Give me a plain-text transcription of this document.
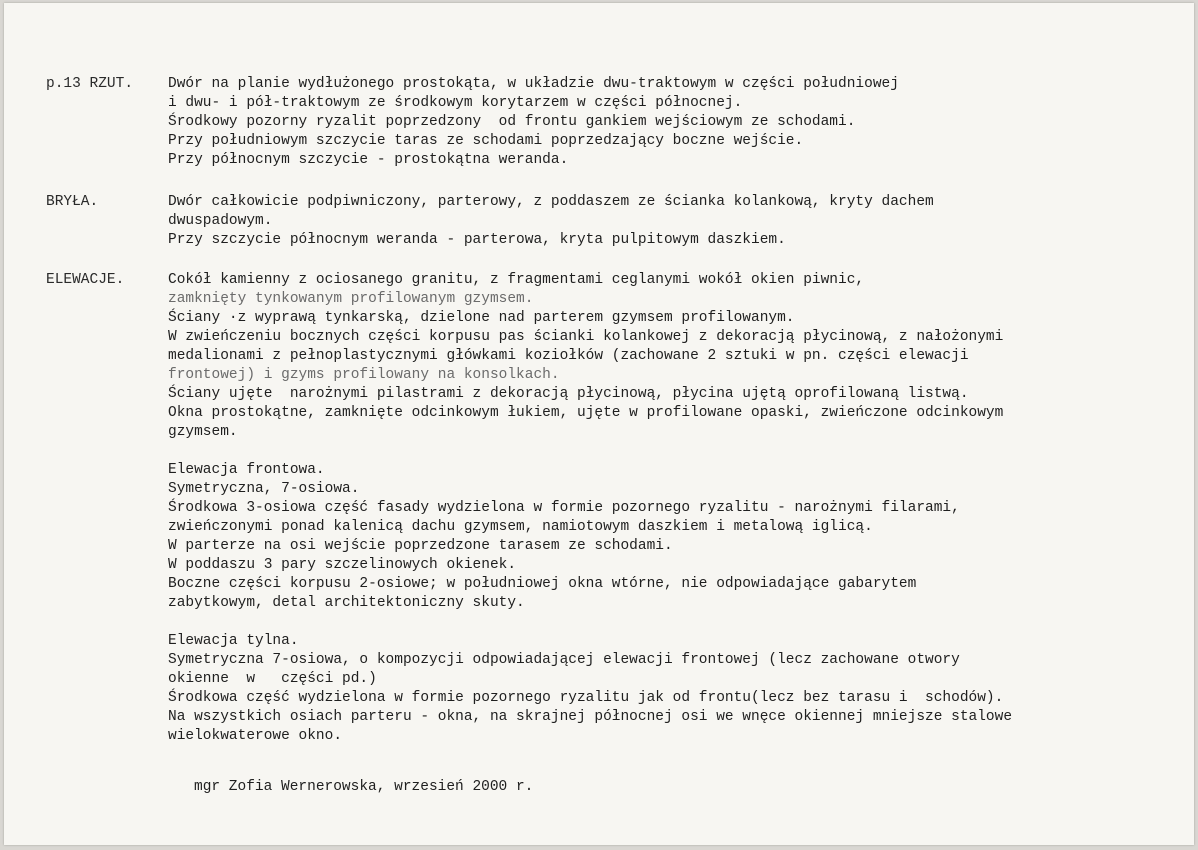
p.13 RZUT. Dwór na planie wydłużonego prostokąta, w układzie dwu-traktowym w części południowej
i dwu- i pół-traktowym ze środkowym korytarzem w części północnej.
Środkowy pozorny ryzalit poprzedzony  od frontu gankiem wejściowym ze schodami.
Przy południowym szczycie taras ze schodami poprzedzający boczne wejście.
Przy północnym szczycie - prostokątna weranda.
BRYŁA.	Dwór całkowicie podpiwniczony, parterowy, z poddaszem ze ścianka kolankową, kryty dachem
dwuspadowym.
Przy szczycie północnym weranda - parterowa, kryta pulpitowym daszkiem.
ELEWACJE.	Cokół kamienny z ociosanego granitu, z fragmentami ceglanymi wokół okien piwnic,
zamknięty tynkowanym profilowanym gzymsem.
Ściany ·z wyprawą tynkarską, dzielone nad parterem gzymsem profilowanym.
W zwieńczeniu bocznych części korpusu pas ścianki kolankowej z dekoracją płycinową, z nałożonymi
medalionami z pełnoplastycznymi główkami koziołków (zachowane 2 sztuki w pn. części elewacji
frontowej) i gzyms profilowany na konsolkach.
Ściany ujęte  narożnymi pilastrami z dekoracją płycinową, płycina ujętą oprofilowaną listwą.
Okna prostokątne, zamknięte odcinkowym łukiem, ujęte w profilowane opaski, zwieńczone odcinkowym
gzymsem.
Elewacja frontowa.
Symetryczna, 7-osiowa.
Środkowa 3-osiowa część fasady wydzielona w formie pozornego ryzalitu - narożnymi filarami,
zwieńczonymi ponad kalenicą dachu gzymsem, namiotowym daszkiem i metalową iglicą.
W parterze na osi wejście poprzedzone tarasem ze schodami.
W poddaszu 3 pary szczelinowych okienek.
Boczne części korpusu 2-osiowe; w południowej okna wtórne, nie odpowiadające gabarytem
zabytkowym, detal architektoniczny skuty.
Elewacja tylna.
Symetryczna 7-osiowa, o kompozycji odpowiadającej elewacji frontowej (lecz zachowane otwory
okienne  w   części pd.)
Środkowa część wydzielona w formie pozornego ryzalitu jak od frontu(lecz bez tarasu i  schodów).
Na wszystkich osiach parteru - okna, na skrajnej północnej osi we wnęce okiennej mniejsze stalowe
wielokwaterowe okno.
mgr Zofia Wernerowska, wrzesień 2000 r.
